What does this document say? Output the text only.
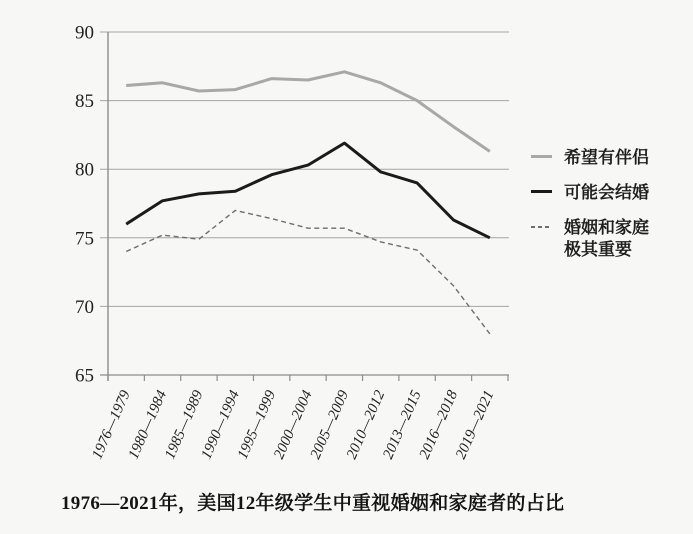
65
70
75
80
85
90
1976—1979
1980—1984
1985—1989
1990—1994
1995—1999
2000—2004
2005—2009
2010—2012
2013—2015
2016—2018
2019—2021
希望有伴侣
可能会结婚
婚姻和家庭极其重要
1976—2021年，美国12年级学生中重视婚姻和家庭者的占比
